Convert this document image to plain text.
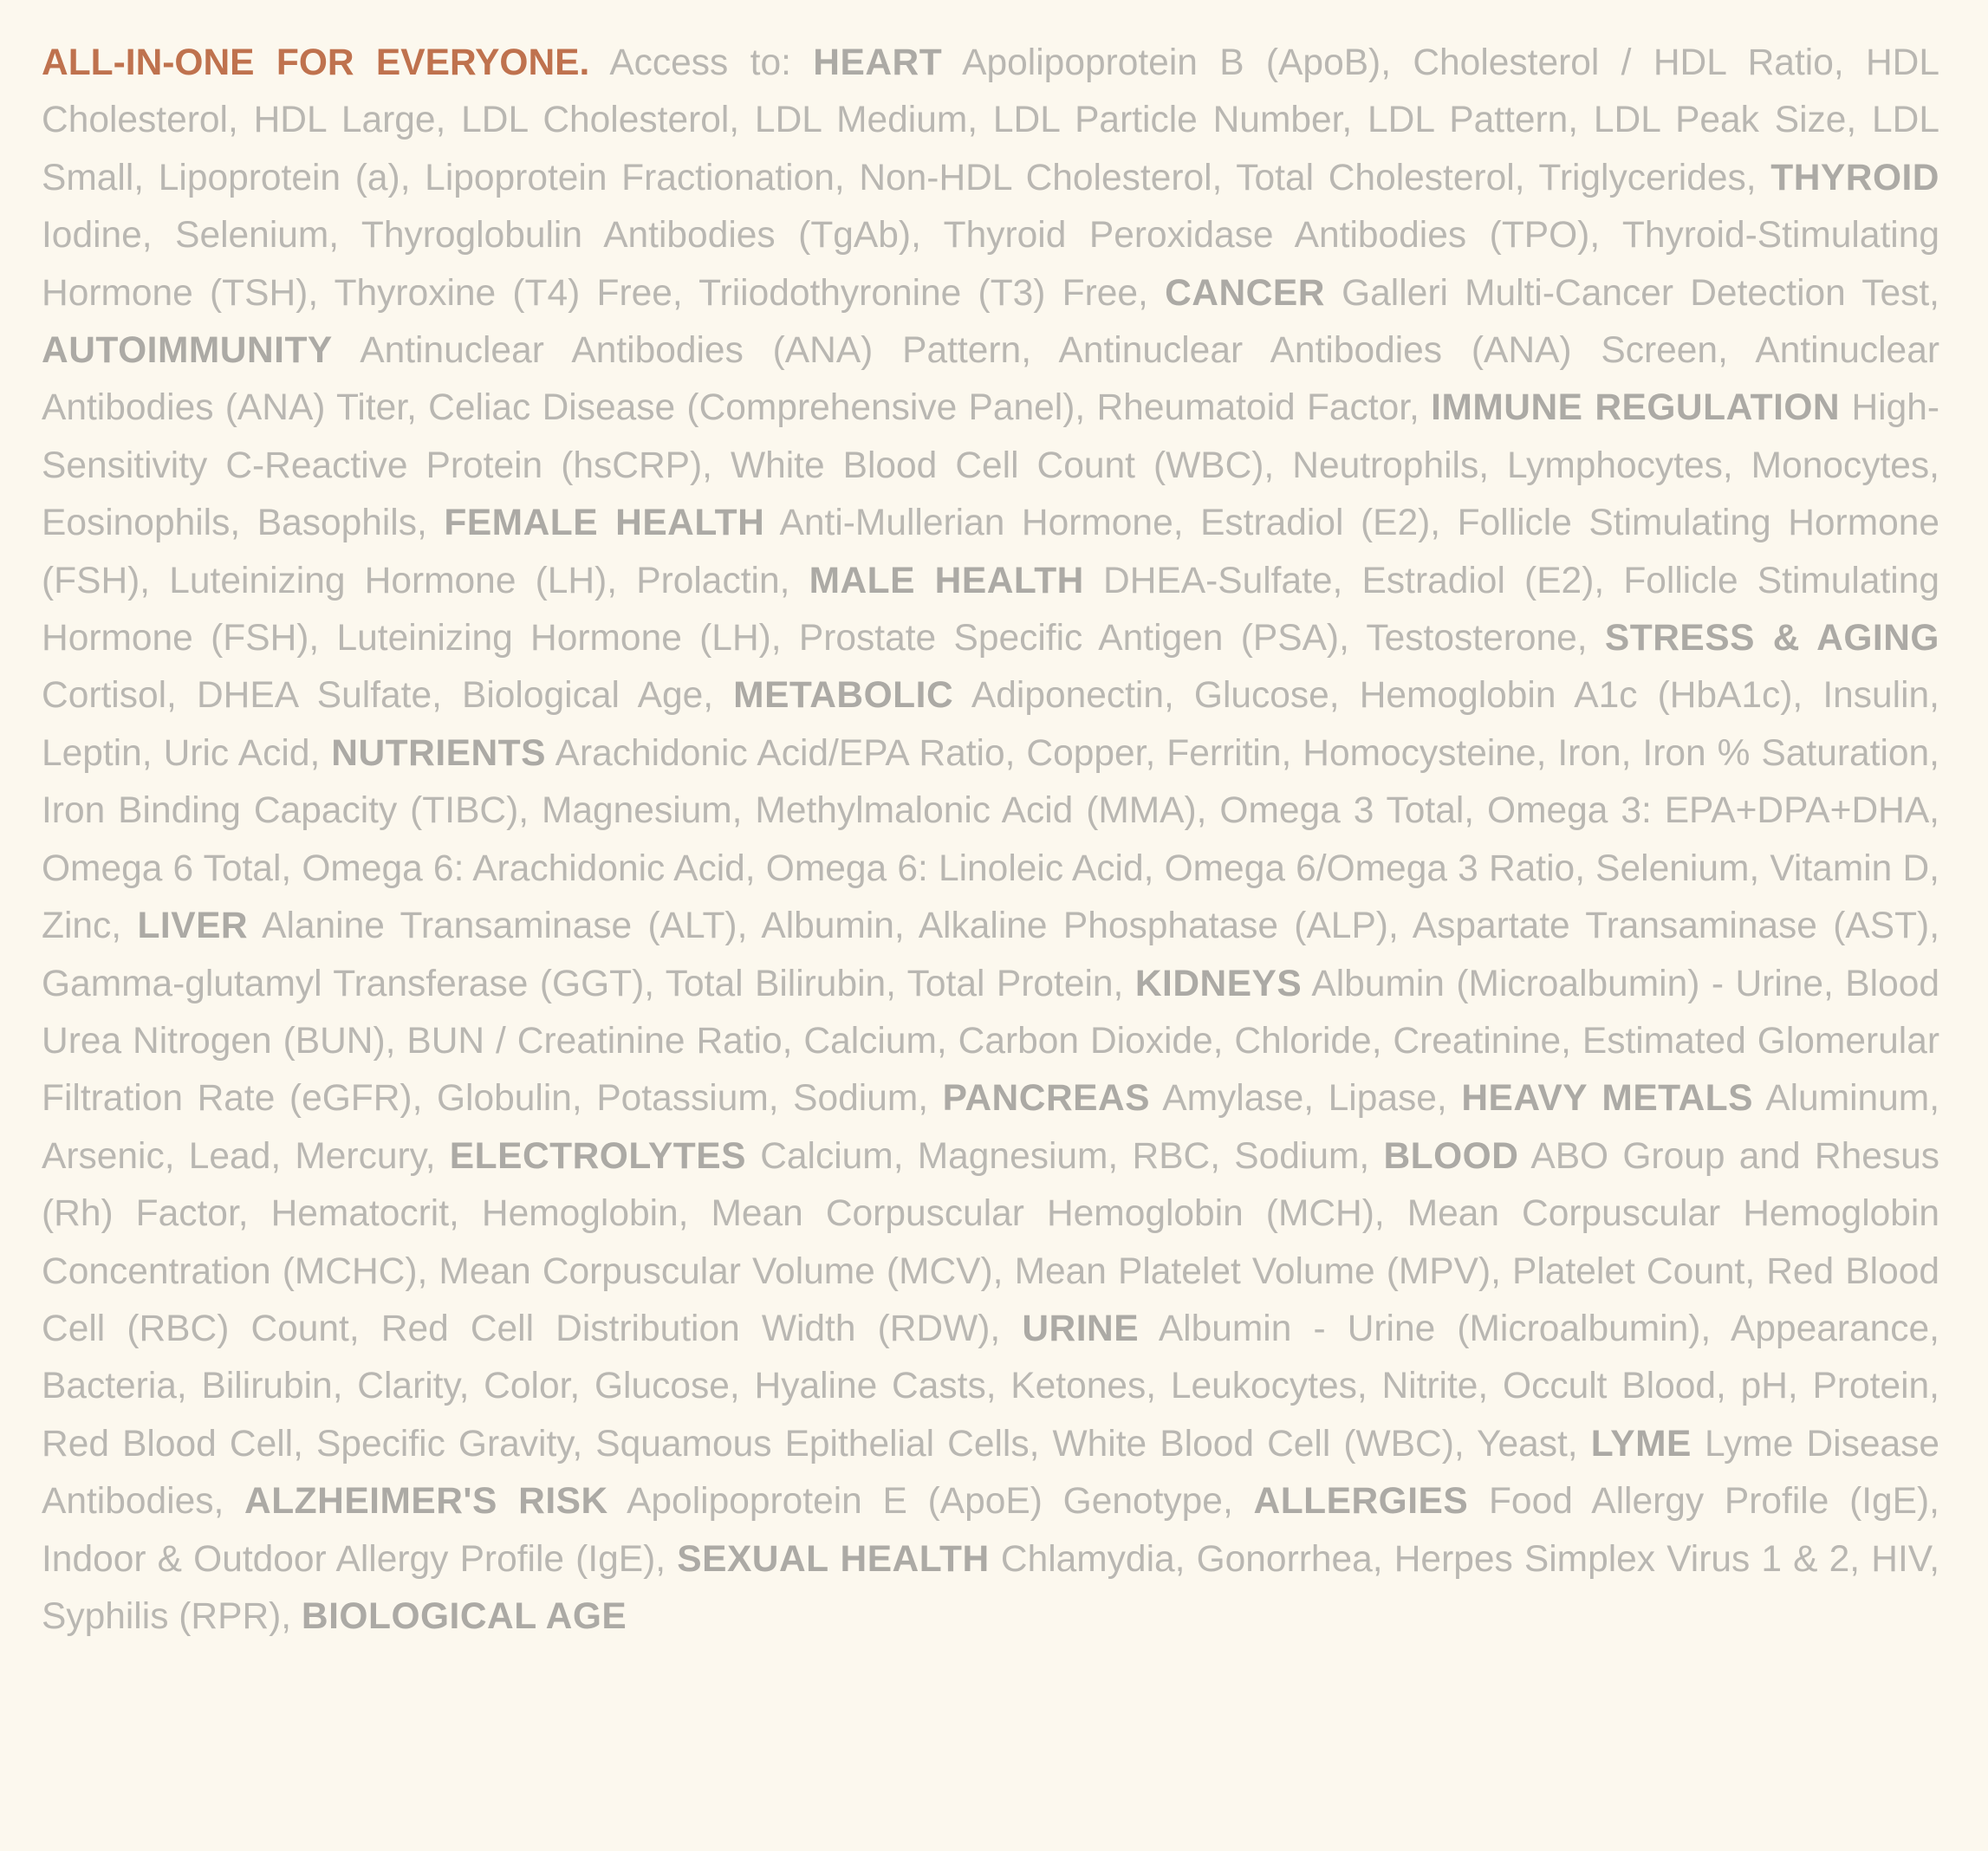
ALL-IN-ONE FOR EVERYONE. Access to: HEART Apolipoprotein B (ApoB), Cholesterol / HDL Ratio, HDL Cholesterol, HDL Large, LDL Cholesterol, LDL Medium, LDL Particle Number, LDL Pattern, LDL Peak Size, LDL Small, Lipoprotein (a), Lipoprotein Fractionation, Non-HDL Cholesterol, Total Cholesterol, Triglycerides, THYROID Iodine, Selenium, Thyroglobulin Antibodies (TgAb), Thyroid Peroxidase Antibodies (TPO), Thyroid-Stimulating Hormone (TSH), Thyroxine (T4) Free, Triiodothyronine (T3) Free, CANCER Galleri Multi-Cancer Detection Test, AUTOIMMUNITY Antinuclear Antibodies (ANA) Pattern, Antinuclear Antibodies (ANA) Screen, Antinuclear Antibodies (ANA) Titer, Celiac Disease (Comprehensive Panel), Rheumatoid Factor, IMMUNE REGULATION High-Sensitivity C-Reactive Protein (hsCRP), White Blood Cell Count (WBC), Neutrophils, Lymphocytes, Monocytes, Eosinophils, Basophils, FEMALE HEALTH Anti-Mullerian Hormone, Estradiol (E2), Follicle Stimulating Hormone (FSH), Luteinizing Hormone (LH), Prolactin, MALE HEALTH DHEA-Sulfate, Estradiol (E2), Follicle Stimulating Hormone (FSH), Luteinizing Hormone (LH), Prostate Specific Antigen (PSA), Testosterone, STRESS & AGING Cortisol, DHEA Sulfate, Biological Age, METABOLIC Adiponectin, Glucose, Hemoglobin A1c (HbA1c), Insulin, Leptin, Uric Acid, NUTRIENTS Arachidonic Acid/EPA Ratio, Copper, Ferritin, Homocysteine, Iron, Iron % Saturation, Iron Binding Capacity (TIBC), Magnesium, Methylmalonic Acid (MMA), Omega 3 Total, Omega 3: EPA+DPA+DHA, Omega 6 Total, Omega 6: Arachidonic Acid, Omega 6: Linoleic Acid, Omega 6/Omega 3 Ratio, Selenium, Vitamin D, Zinc, LIVER Alanine Transaminase (ALT), Albumin, Alkaline Phosphatase (ALP), Aspartate Transaminase (AST), Gamma-glutamyl Transferase (GGT), Total Bilirubin, Total Protein, KIDNEYS Albumin (Microalbumin) - Urine, Blood Urea Nitrogen (BUN), BUN / Creatinine Ratio, Calcium, Carbon Dioxide, Chloride, Creatinine, Estimated Glomerular Filtration Rate (eGFR), Globulin, Potassium, Sodium, PANCREAS Amylase, Lipase, HEAVY METALS Aluminum, Arsenic, Lead, Mercury, ELECTROLYTES Calcium, Magnesium, RBC, Sodium, BLOOD ABO Group and Rhesus (Rh) Factor, Hematocrit, Hemoglobin, Mean Corpuscular Hemoglobin (MCH), Mean Corpuscular Hemoglobin Concentration (MCHC), Mean Corpuscular Volume (MCV), Mean Platelet Volume (MPV), Platelet Count, Red Blood Cell (RBC) Count, Red Cell Distribution Width (RDW), URINE Albumin - Urine (Microalbumin), Appearance, Bacteria, Bilirubin, Clarity, Color, Glucose, Hyaline Casts, Ketones, Leukocytes, Nitrite, Occult Blood, pH, Protein, Red Blood Cell, Specific Gravity, Squamous Epithelial Cells, White Blood Cell (WBC), Yeast, LYME Lyme Disease Antibodies, ALZHEIMER'S RISK Apolipoprotein E (ApoE) Genotype, ALLERGIES Food Allergy Profile (IgE), Indoor & Outdoor Allergy Profile (IgE), SEXUAL HEALTH Chlamydia, Gonorrhea, Herpes Simplex Virus 1 & 2, HIV, Syphilis (RPR), BIOLOGICAL AGE
